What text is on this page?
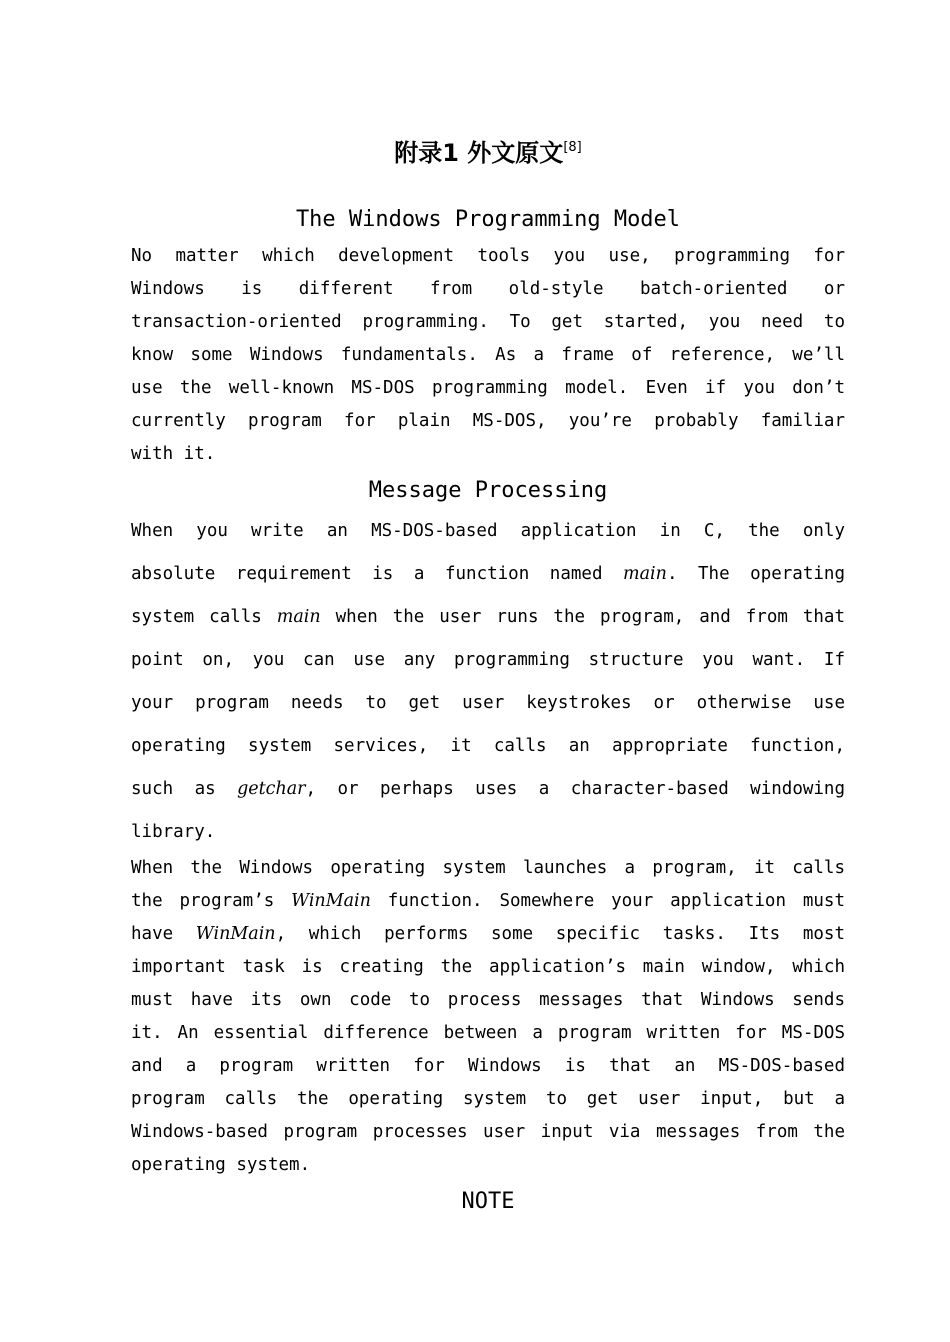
附录1 外文原文[8]
The Windows Programming Model
No matter which development tools you use, programming for
Windows is different from old-style batch-oriented or
transaction-oriented programming. To get started, you need to
know some Windows fundamentals. As a frame of reference, we’ll
use the well-known MS-DOS programming model. Even if you don’t
currently program for plain MS-DOS, you’re probably familiar
with it.
Message Processing
When you write an MS-DOS-based application in C, the only
absolute requirement is a function named main. The operating
system calls main when the user runs the program, and from that
point on, you can use any programming structure you want. If
your program needs to get user keystrokes or otherwise use
operating system services, it calls an appropriate function,
such as getchar, or perhaps uses a character-based windowing
library.
When the Windows operating system launches a program, it calls
the program’s WinMain function. Somewhere your application must
have WinMain, which performs some specific tasks. Its most
important task is creating the application’s main window, which
must have its own code to process messages that Windows sends
it. An essential difference between a program written for MS-DOS
and a program written for Windows is that an MS-DOS-based
program calls the operating system to get user input, but a
Windows-based program processes user input via messages from the
operating system.
NOTE
